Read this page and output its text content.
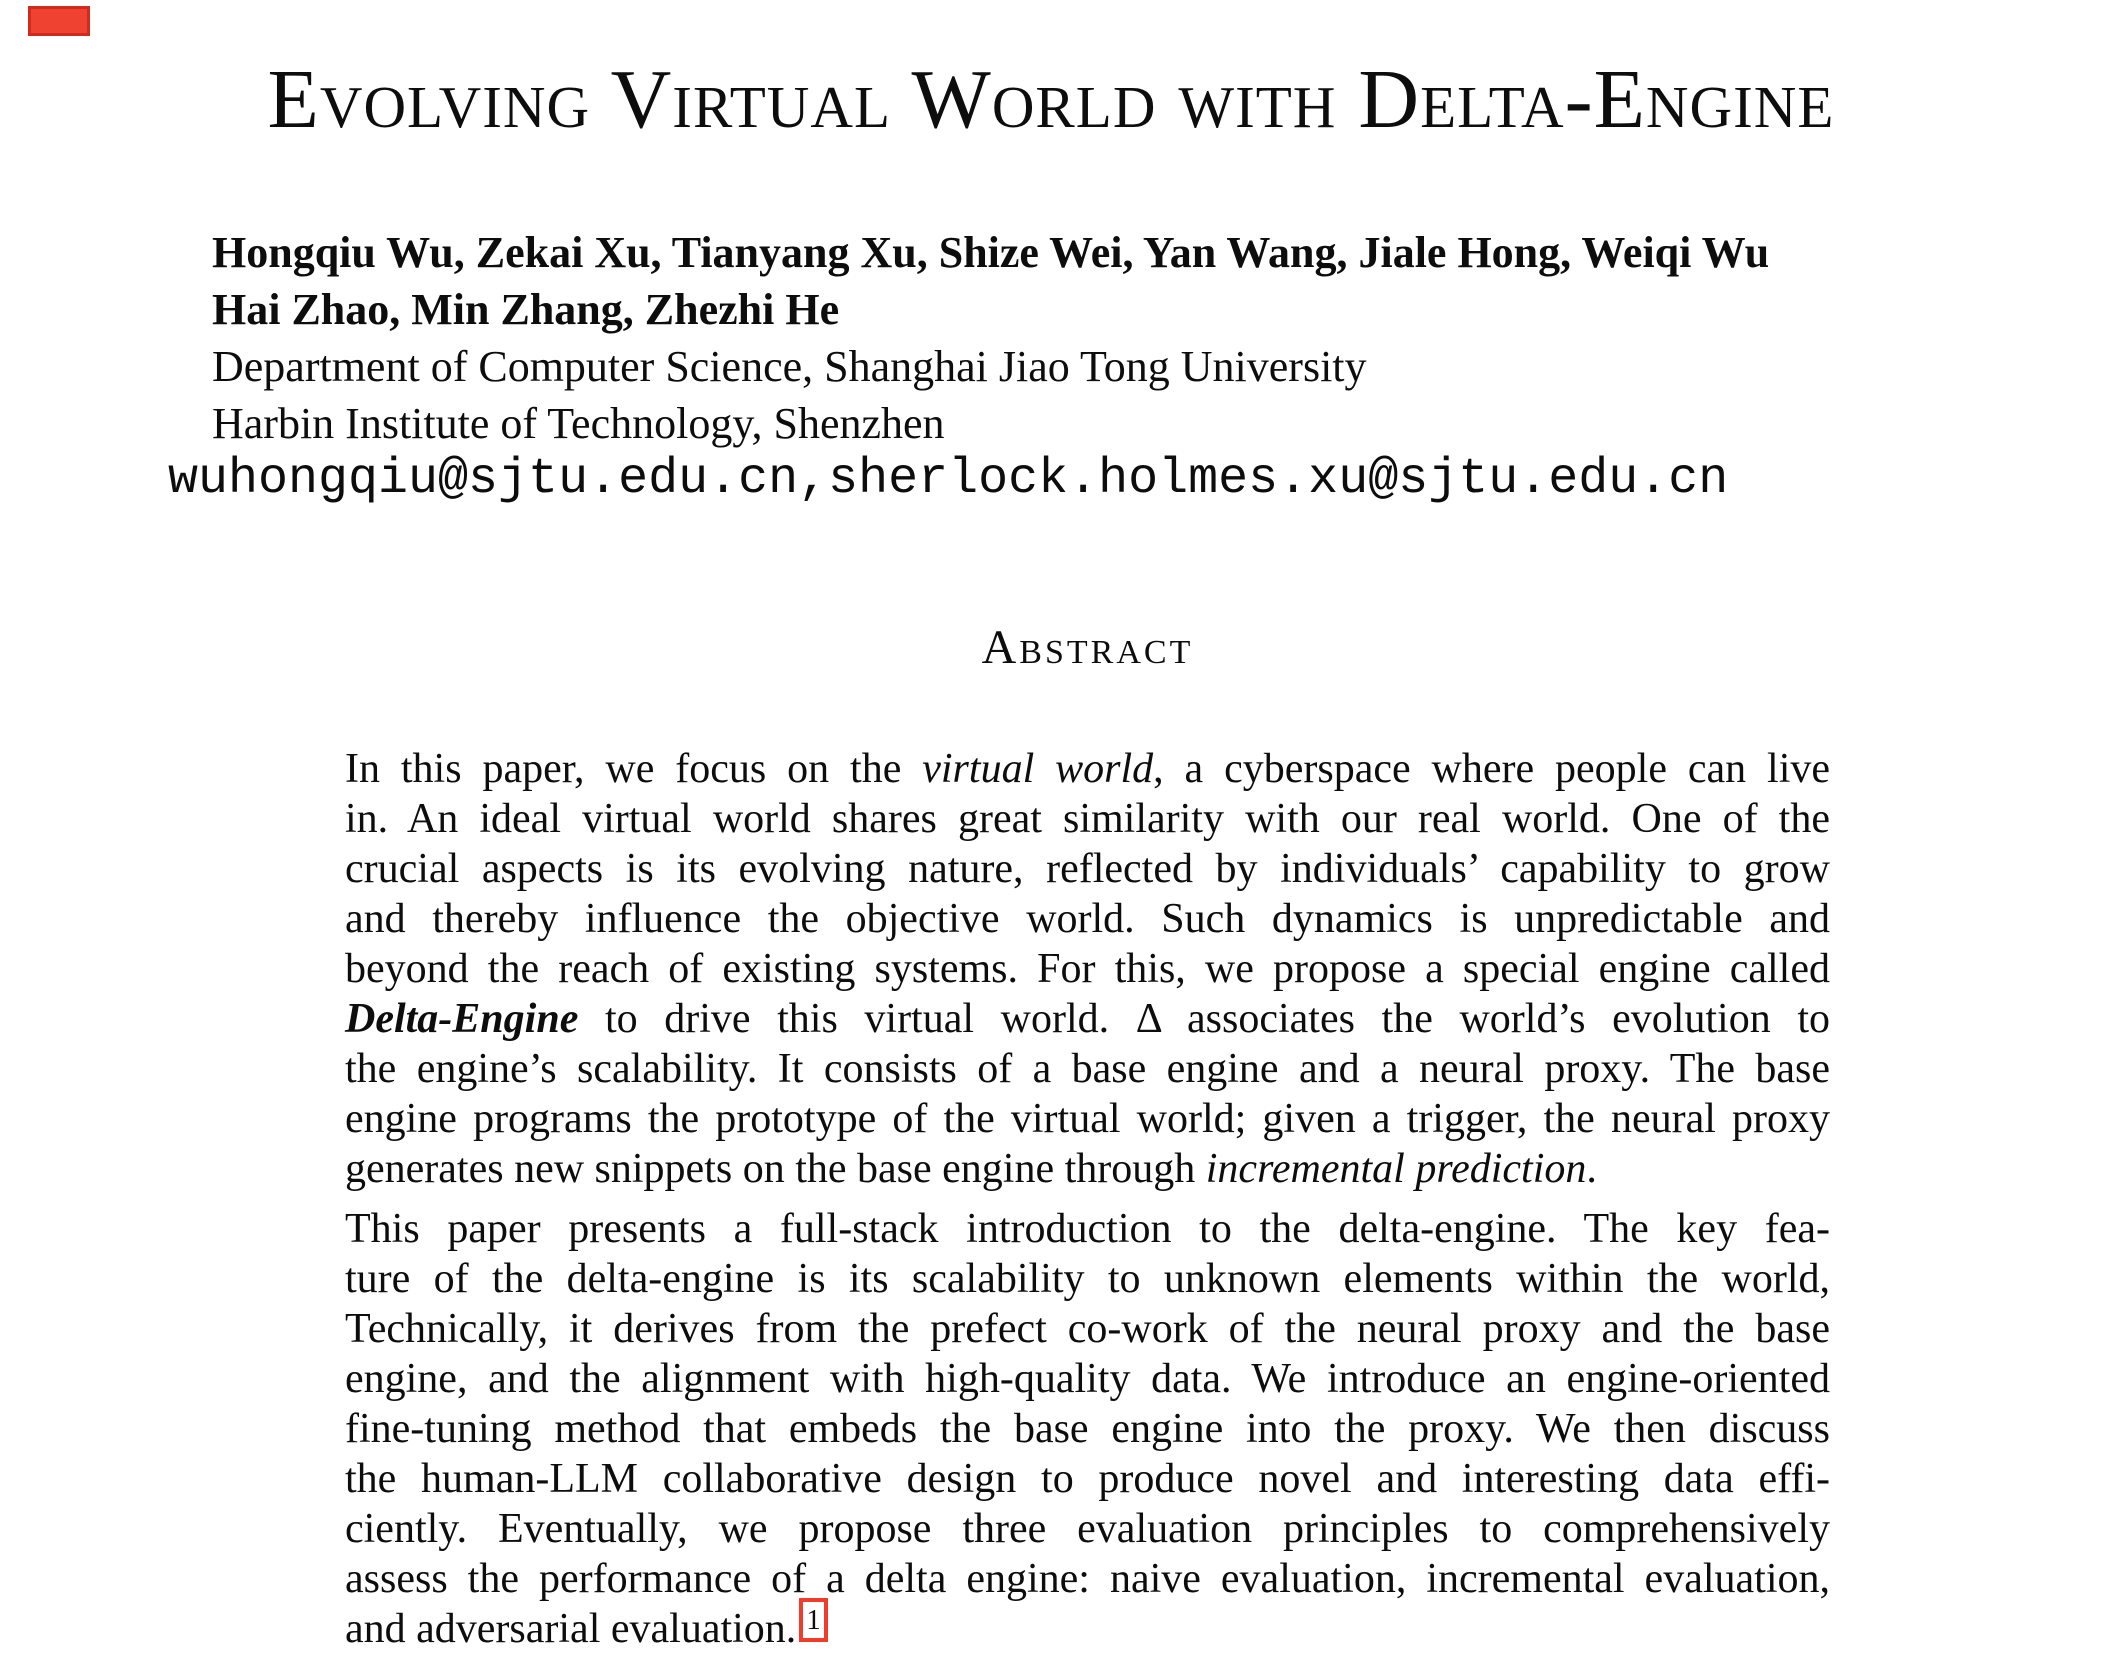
Evolving Virtual World with Delta-Engine
Hongqiu Wu, Zekai Xu, Tianyang Xu, Shize Wei, Yan Wang, Jiale Hong, Weiqi Wu
Hai Zhao, Min Zhang, Zhezhi He
Department of Computer Science, Shanghai Jiao Tong University
Harbin Institute of Technology, Shenzhen
wuhongqiu@sjtu.edu.cn,sherlock.holmes.xu@sjtu.edu.cn
Abstract
In this paper, we focus on the virtual world, a cyberspace where people can live
in. An ideal virtual world shares great similarity with our real world. One of the
crucial aspects is its evolving nature, reflected by individuals’ capability to grow
and thereby influence the objective world. Such dynamics is unpredictable and
beyond the reach of existing systems. For this, we propose a special engine called
Delta-Engine to drive this virtual world. Δ associates the world’s evolution to
the engine’s scalability. It consists of a base engine and a neural proxy. The base
engine programs the prototype of the virtual world; given a trigger, the neural proxy
generates new snippets on the base engine through incremental prediction.
This paper presents a full-stack introduction to the delta-engine. The key fea-
ture of the delta-engine is its scalability to unknown elements within the world,
Technically, it derives from the prefect co-work of the neural proxy and the base
engine, and the alignment with high-quality data. We introduce an engine-oriented
fine-tuning method that embeds the base engine into the proxy. We then discuss
the human-LLM collaborative design to produce novel and interesting data effi-
ciently. Eventually, we propose three evaluation principles to comprehensively
assess the performance of a delta engine: naive evaluation, incremental evaluation,
and adversarial evaluation. 1
